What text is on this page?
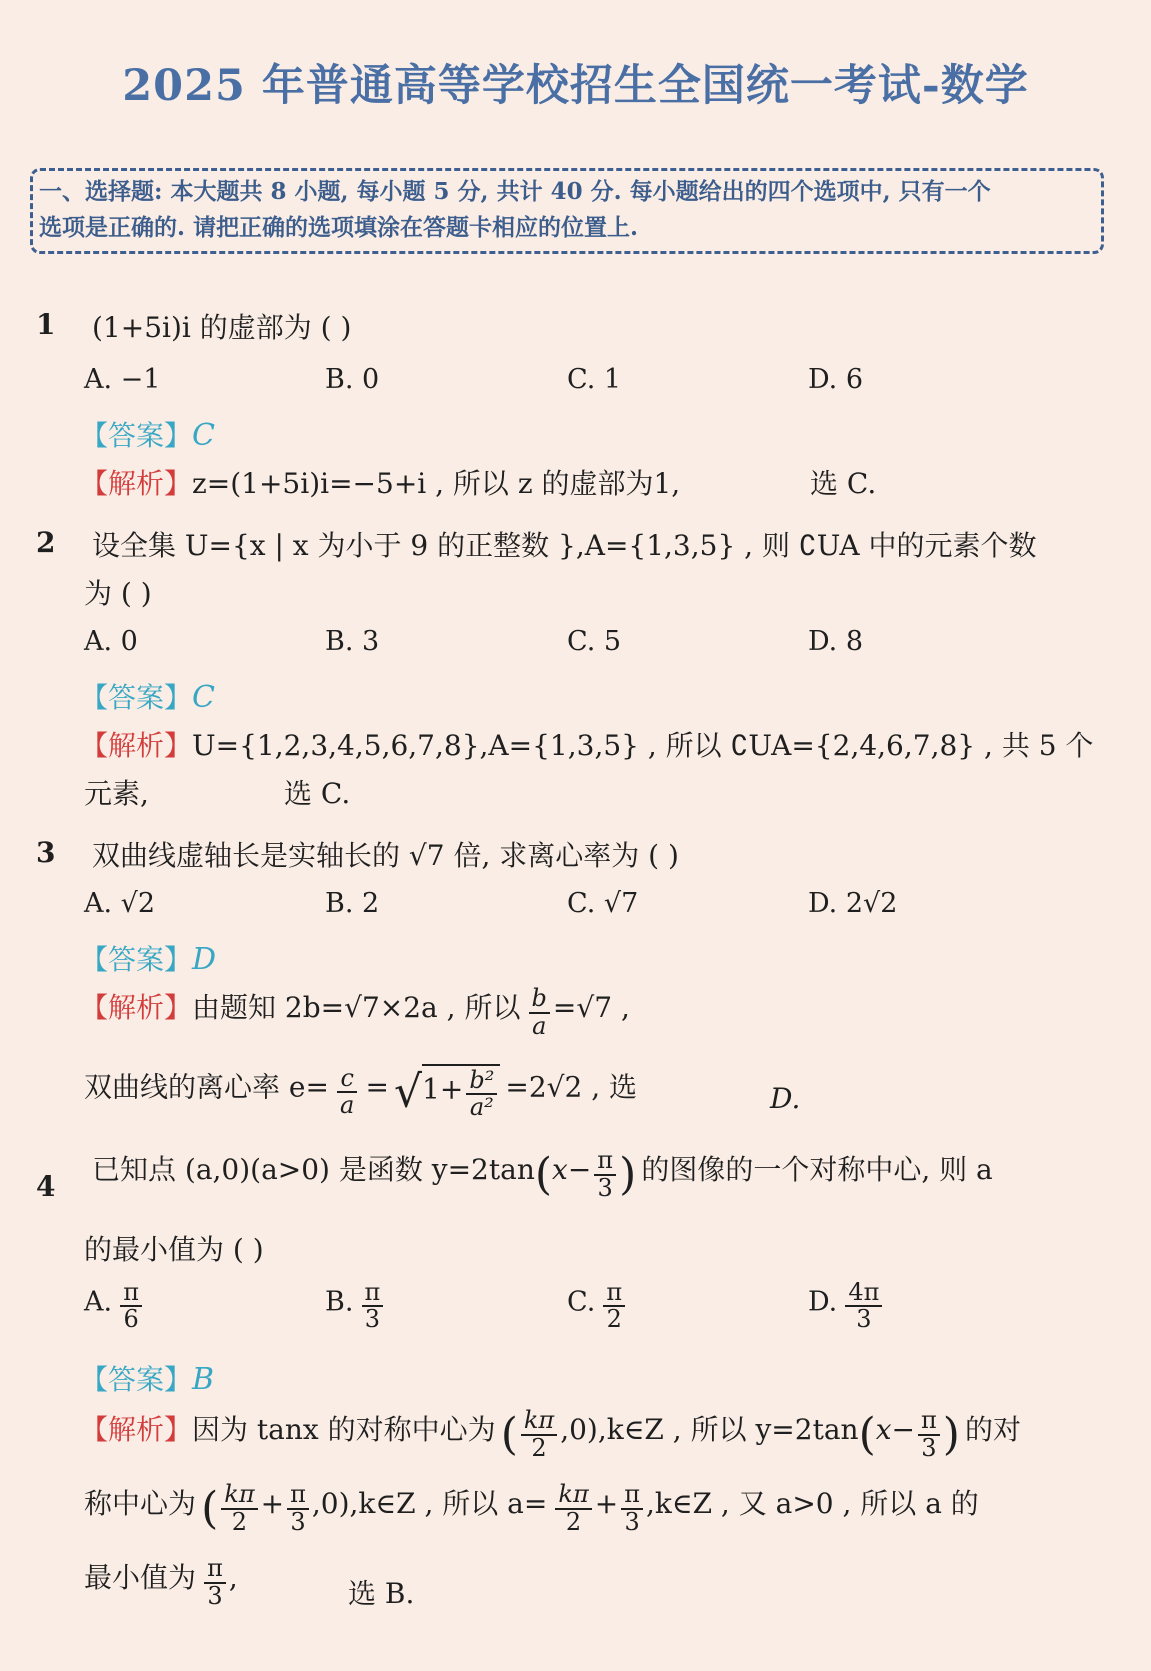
2025 年普通高等学校招生全国统一考试-数学
一、选择题: 本大题共 8 小题, 每小题 5 分, 共计 40 分. 每小题给出的四个选项中, 只有一个
选项是正确的. 请把正确的选项填涂在答题卡相应的位置上.
1 (1+5i)i 的虚部为 ( )
A. −1	B. 0	C. 1	D. 6
【答案】C
【解析】z=(1+5i)i=−5+i , 所以 z 的虚部为1,	选 C.
2 设全集 U={x | x 为小于 9 的正整数 },A={1,3,5} , 则 ∁UA 中的元素个数
为 ( )
A. 0	B. 3	C. 5	D. 8
【答案】C
【解析】U={1,2,3,4,5,6,7,8},A={1,3,5} , 所以 ∁UA={2,4,6,7,8} , 共 5 个
元素,	选 C.
3 双曲线虚轴长是实轴长的 √7 倍, 求离心率为 ( )
A. √2	B. 2	C. √7	D. 2√2
【答案】D
【解析】由题知 2b=√7×2a , 所以 $\frac{b}{a} =√7$ ,
双曲线的离心率 $e= \frac{c}{a} = √1+ \frac{\text{b²}}{\text{a²}} =2√2$ , 选	D.
4
已知点 (a,0)(a>0) 是函数 $y=2\tan(x- \frac{\pi}{3}$ ) 的图像的一个对称中心, 则 a
的最小值为 ( )
A. $\frac{\pi}{6}$	B. $\frac{\pi}{3}$	C. $\frac{\pi}{2}$	D. $\frac{4\pi}{3}$
【答案】B
【解析】因为 tanx 的对称中心为 ( $\frac{k\pi}{2}$ ,0),k∈Z , 所以 $y=2\tan(x- \frac{\pi}{3}$ ) 的对
称中心为 ( $\frac{k\pi}{2} + \frac{\pi}{3}$ ,0),k∈Z , 所以 $a= \frac{k\pi}{2} + \frac{\pi}{3}$ ,k∈Z , 又 a>0 , 所以 a 的
最小值为 $\frac{\pi}{3}$ ,	选 B.
